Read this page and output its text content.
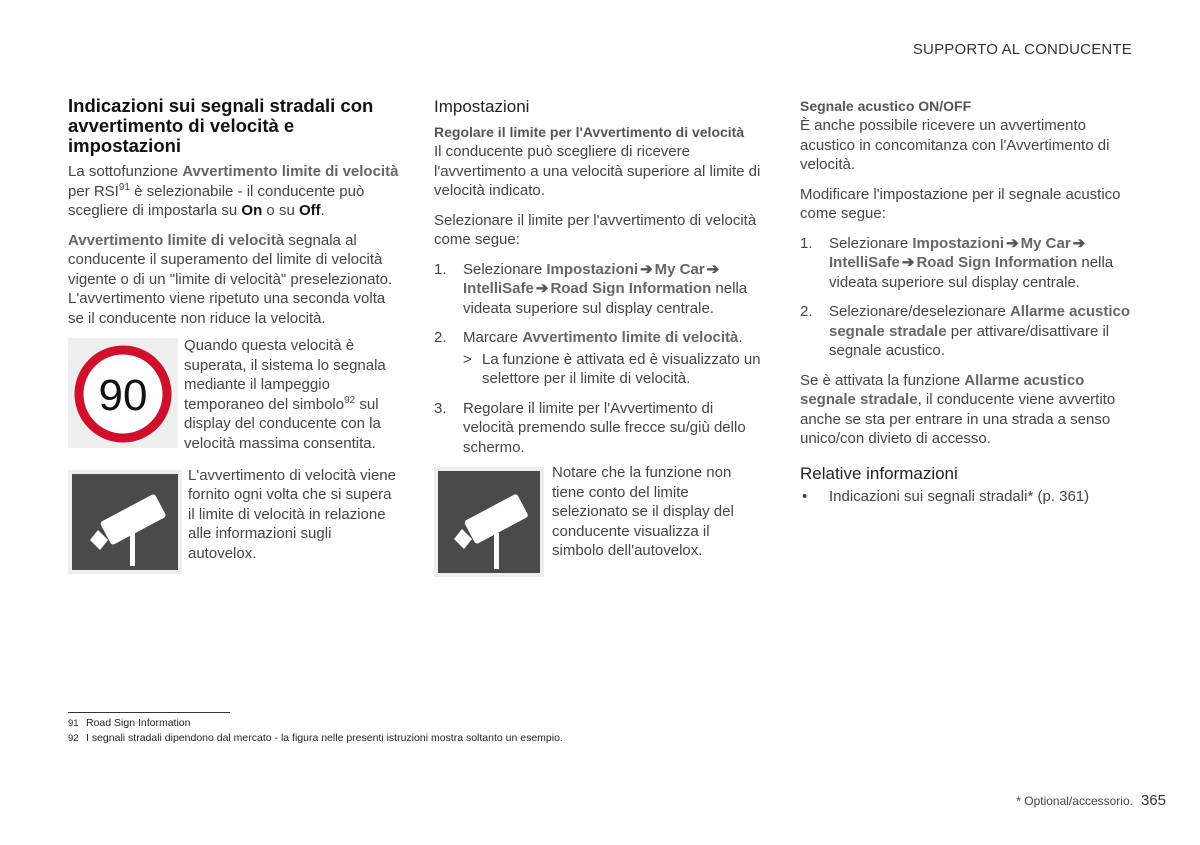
SUPPORTO AL CONDUCENTE
Indicazioni sui segnali stradali con avvertimento di velocità e impostazioni

La sottofunzione Avvertimento limite di velocità per RSI$^{91}$ è selezionabile - il conducente può scegliere di impostarla su On o su Off.

Avvertimento limite di velocità segnala al conducente il superamento del limite di velocità vigente o di un "limite di velocità" preselezionato. L'avvertimento viene ripetuto una seconda volta se il conducente non riduce la velocità.

90
Quando questa velocità è superata, il sistema lo segnala mediante il lampeggio temporaneo del simbolo$^{92}$ sul display del conducente con la velocità massima consentita.
L'avvertimento di velocità viene fornito ogni volta che si supera il limite di velocità in relazione alle informazioni sugli autovelox.
Impostazioni
Regolare il limite per l'Avvertimento di velocità

Il conducente può scegliere di ricevere l'avvertimento a una velocità superiore al limite di velocità indicato.

Selezionare il limite per l'avvertimento di velocità come segue:

1. Selezionare Impostazioni ➔ My Car ➔IntelliSafe ➔ Road Sign Information nella videata superiore sul display centrale.
2. Marcare Avvertimento limite di velocità.
> La funzione è attivata ed è visualizzato un selettore per il limite di velocità.
3. Regolare il limite per l'Avvertimento di velocità premendo sulle frecce su/giù dello schermo.
Notare che la funzione non tiene conto del limite selezionato se il display del conducente visualizza il simbolo dell'autovelox.
Segnale acustico ON/OFF

È anche possibile ricevere un avvertimento acustico in concomitanza con l'Avvertimento di velocità.

Modificare l'impostazione per il segnale acustico come segue:

1. Selezionare Impostazioni ➔ My Car ➔IntelliSafe ➔ Road Sign Information nella videata superiore sul display centrale.
2. Selezionare/deselezionare Allarme acustico segnale stradale per attivare/disattivare il segnale acustico.

Se è attivata la funzione Allarme acustico segnale stradale, il conducente viene avvertito anche se sta per entrare in una strada a senso unico/con divieto di accesso.

Relative informazioni
• Indicazioni sui segnali stradali* (p. 361)
91 Road Sign Information
92 I segnali stradali dipendono dal mercato - la figura nelle presenti istruzioni mostra soltanto un esempio.
* Optional/accessorio. 365
